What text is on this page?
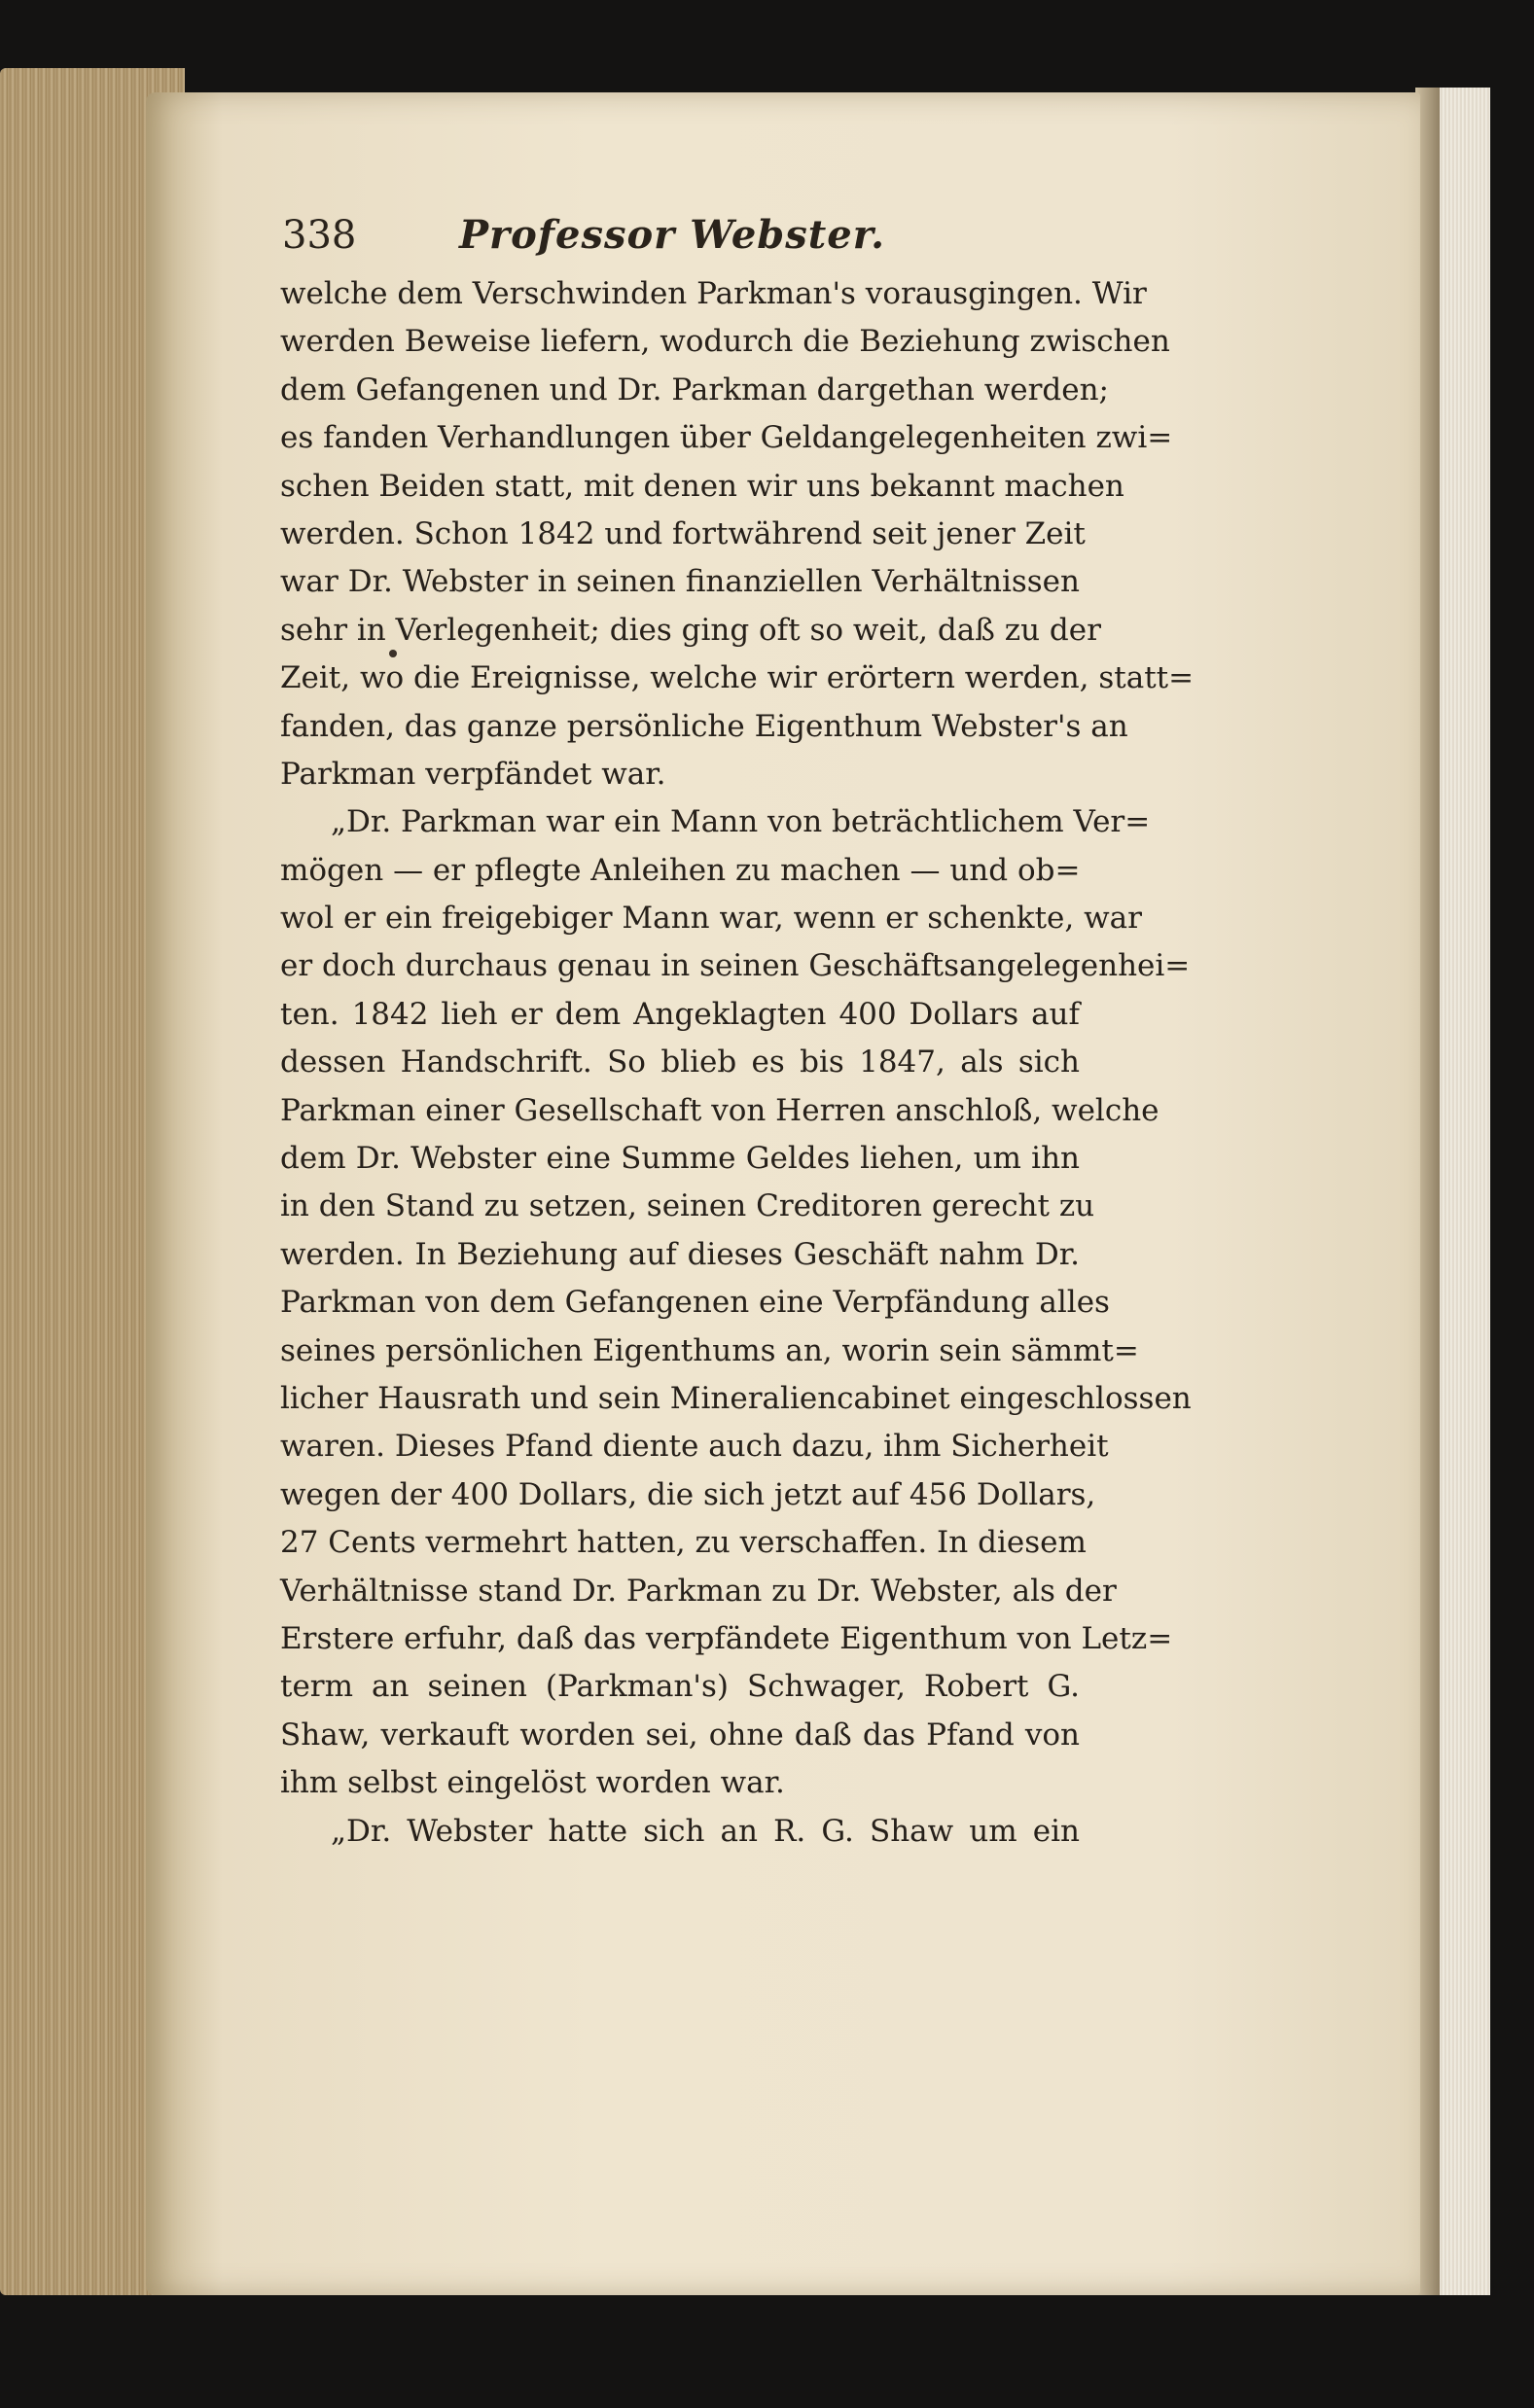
338	Professor Webster.
welche dem Verschwinden Parkman's vorausgingen. Wir
werden Beweise liefern, wodurch die Beziehung zwischen
dem Gefangenen und Dr. Parkman dargethan werden;
es fanden Verhandlungen über Geldangelegenheiten zwi=
schen Beiden statt, mit denen wir uns bekannt machen
werden. Schon 1842 und fortwährend seit jener Zeit
war Dr. Webster in seinen finanziellen Verhältnissen
sehr in Verlegenheit; dies ging oft so weit, daß zu der
Zeit, wo die Ereignisse, welche wir erörtern werden, statt=
fanden, das ganze persönliche Eigenthum Webster's an
Parkman verpfändet war.
„Dr. Parkman war ein Mann von beträchtlichem Ver=
mögen — er pflegte Anleihen zu machen — und ob=
wol er ein freigebiger Mann war, wenn er schenkte, war
er doch durchaus genau in seinen Geschäftsangelegenhei=
ten. 1842 lieh er dem Angeklagten 400 Dollars auf
dessen Handschrift. So blieb es bis 1847, als sich
Parkman einer Gesellschaft von Herren anschloß, welche
dem Dr. Webster eine Summe Geldes liehen, um ihn
in den Stand zu setzen, seinen Creditoren gerecht zu
werden. In Beziehung auf dieses Geschäft nahm Dr.
Parkman von dem Gefangenen eine Verpfändung alles
seines persönlichen Eigenthums an, worin sein sämmt=
licher Hausrath und sein Mineraliencabinet eingeschlossen
waren. Dieses Pfand diente auch dazu, ihm Sicherheit
wegen der 400 Dollars, die sich jetzt auf 456 Dollars,
27 Cents vermehrt hatten, zu verschaffen. In diesem
Verhältnisse stand Dr. Parkman zu Dr. Webster, als der
Erstere erfuhr, daß das verpfändete Eigenthum von Letz=
term an seinen (Parkman's) Schwager, Robert G.
Shaw, verkauft worden sei, ohne daß das Pfand von
ihm selbst eingelöst worden war.
„Dr. Webster hatte sich an R. G. Shaw um ein
